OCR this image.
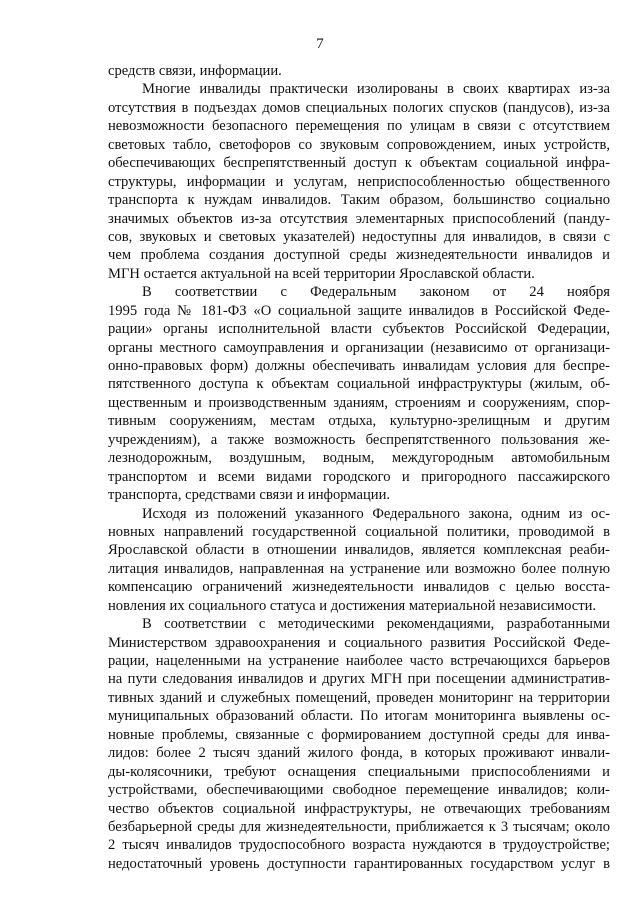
7
средств связи, информации.
Многие инвалиды практически изолированы в своих квартирах из-за
отсутствия в подъездах домов специальных пологих спусков (пандусов), из-за
невозможности безопасного перемещения по улицам в связи с отсутствием
световых табло, светофоров со звуковым сопровождением, иных устройств,
обеспечивающих беспрепятственный доступ к объектам социальной инфра-
структуры, информации и услугам, неприспособленностью общественного
транспорта к нуждам инвалидов. Таким образом, большинство социально
значимых объектов из-за отсутствия элементарных приспособлений (панду-
сов, звуковых и световых указателей) недоступны для инвалидов, в связи с
чем проблема создания доступной среды жизнедеятельности инвалидов и
МГН остается актуальной на всей территории Ярославской области.
В соответствии с Федеральным законом от 24 ноября
1995 года № 181-ФЗ «О социальной защите инвалидов в Российской Федe-
рации» органы исполнительной власти субъектов Российской Федерации,
органы местного самоуправления и организации (независимо от организаци-
онно-правовых форм) должны обеспечивать инвалидам условия для беспре-
пятственного доступа к объектам социальной инфраструктуры (жилым, об-
щественным и производственным зданиям, строениям и сооружениям, спор-
тивным сооружениям, местам отдыха, культурно-зрелищным и другим
учреждениям), а также возможность беспрепятственного пользования же-
лезнодорожным, воздушным, водным, междугородным автомобильным
транспортом и всеми видами городского и пригородного пассажирского
транспорта, средствами связи и информации.
Исходя из положений указанного Федерального закона, одним из ос-
новных направлений государственной социальной политики, проводимой в
Ярославской области в отношении инвалидов, является комплексная реаби-
литация инвалидов, направленная на устранение или возможно более полную
компенсацию ограничений жизнедеятельности инвалидов с целью восста-
новления их социального статуса и достижения материальной независимости.
В соответствии с методическими рекомендациями, разработанными
Министерством здравоохранения и социального развития Российской Феде-
рации, нацеленными на устранение наиболее часто встречающихся барьеров
на пути следования инвалидов и других МГН при посещении административ-
тивных зданий и служебных помещений, проведен мониторинг на территории
муниципальных образований области. По итогам мониторинга выявлены ос-
новные проблемы, связанные с формированием доступной среды для инва-
лидов: более 2 тысяч зданий жилого фонда, в которых проживают инвали-
ды-колясочники, требуют оснащения специальными приспособлениями и
устройствами, обеспечивающими свободное перемещение инвалидов; коли-
чество объектов социальной инфраструктуры, не отвечающих требованиям
безбарьерной среды для жизнедеятельности, приближается к 3 тысячам; около
2 тысяч инвалидов трудоспособного возраста нуждаются в трудоустройстве;
недостаточный уровень доступности гарантированных государством услуг в
